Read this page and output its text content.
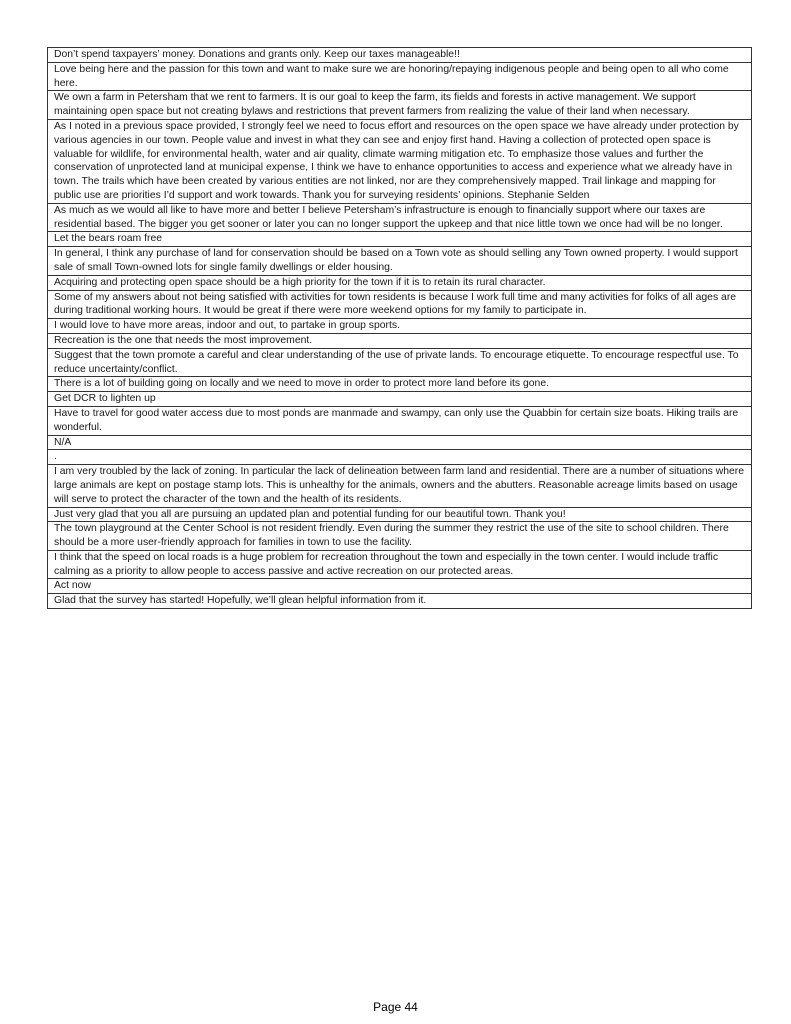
Don’t spend taxpayers’ money. Donations and grants only. Keep our taxes manageable!!
Love being here and the passion for this town and want to make sure we are honoring/repaying indigenous people and being open to all who come here.
We own a farm in Petersham that we rent to farmers. It is our goal to keep the farm, its fields and forests in active management. We support maintaining open space but not creating bylaws and restrictions that prevent farmers from realizing the value of their land when necessary.
As I noted in a previous space provided, I strongly feel we need to focus effort and resources on the open space we have already under protection by various agencies in our town. People value and invest in what they can see and enjoy first hand. Having a collection of protected open space is valuable for wildlife, for environmental health, water and air quality, climate warming mitigation etc. To emphasize those values and further the conservation of unprotected land at municipal expense, I think we have to enhance opportunities to access and experience what we already have in town. The trails which have been created by various entities are not linked, nor are they comprehensively mapped. Trail linkage and mapping for public use are priorities I’d support and work towards. Thank you for surveying residents’ opinions. Stephanie Selden
As much as we would all like to have more and better I believe Petersham’s infrastructure is enough to financially support where our taxes are residential based. The bigger you get sooner or later you can no longer support the upkeep and that nice little town we once had will be no longer.
Let the bears roam free
In general, I think any purchase of land for conservation should be based on a Town vote as should selling any Town owned property. I would support sale of small Town-owned lots for single family dwellings or elder housing.
Acquiring and protecting open space should be a high priority for the town if it is to retain its rural character.
Some of my answers about not being satisfied with activities for town residents is because I work full time and many activities for folks of all ages are during traditional working hours. It would be great if there were more weekend options for my family to participate in.
I would love to have more areas, indoor and out, to partake in group sports.
Recreation is the one that needs the most improvement.
Suggest that the town promote a careful and clear understanding of the use of private lands. To encourage etiquette. To encourage respectful use. To reduce uncertainty/conflict.
There is a lot of building going on locally and we need to move in order to protect more land before its gone.
Get DCR to lighten up
Have to travel for good water access due to most ponds are manmade and swampy, can only use the Quabbin for certain size boats. Hiking trails are wonderful.
N/A
.
I am very troubled by the lack of zoning. In particular the lack of delineation between farm land and residential. There are a number of situations where large animals are kept on postage stamp lots. This is unhealthy for the animals, owners and the abutters. Reasonable acreage limits based on usage will serve to protect the character of the town and the health of its residents.
Just very glad that you all are pursuing an updated plan and potential funding for our beautiful town. Thank you!
The town playground at the Center School is not resident friendly. Even during the summer they restrict the use of the site to school children. There should be a more user-friendly approach for families in town to use the facility.
I think that the speed on local roads is a huge problem for recreation throughout the town and especially in the town center. I would include traffic calming as a priority to allow people to access passive and active recreation on our protected areas.
Act now
Glad that the survey has started! Hopefully, we’ll glean helpful information from it.
Page 44
